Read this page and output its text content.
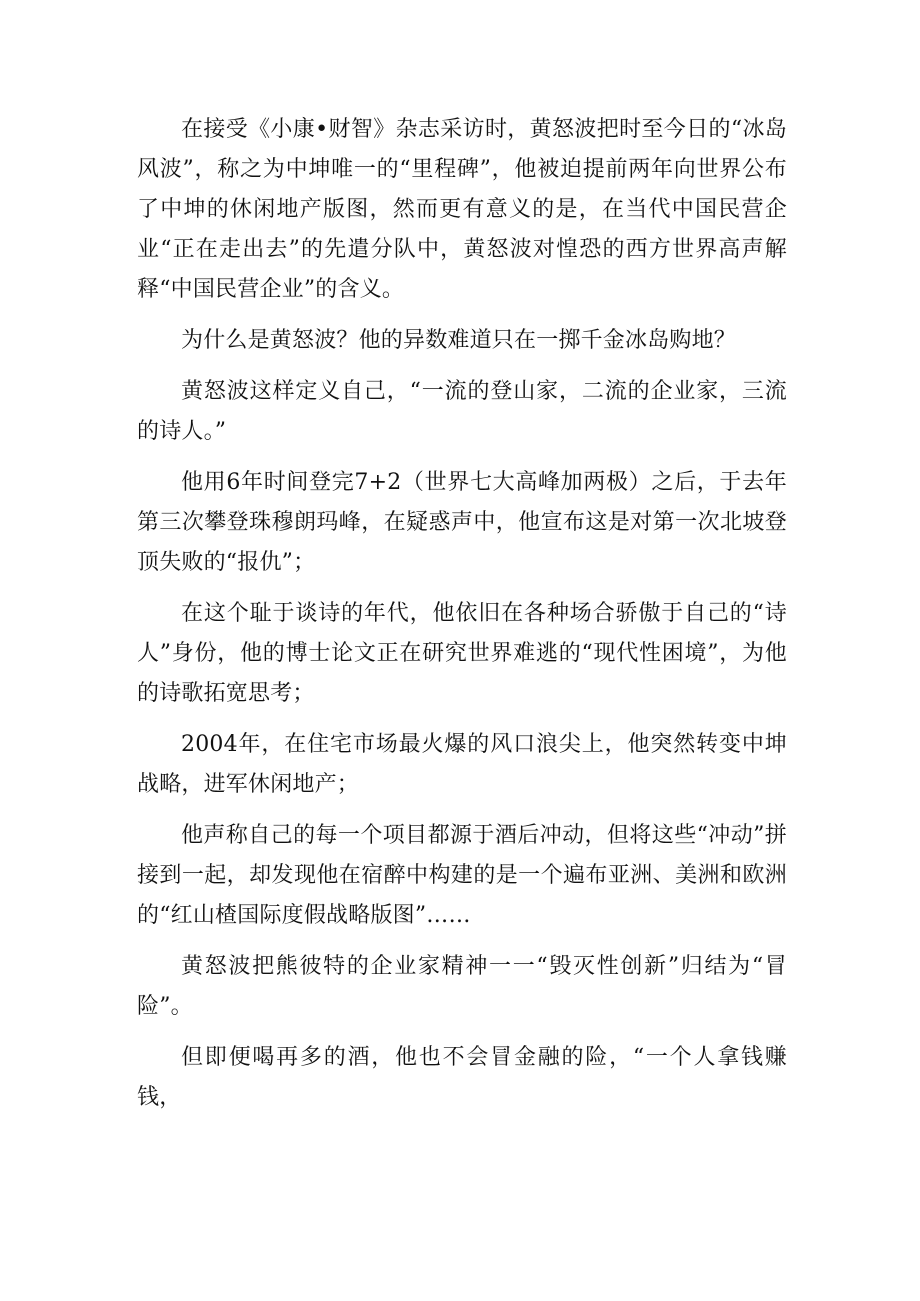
在接受《小康•财智》杂志采访时，黄怒波把时至今日的“冰岛风波”，称之为中坤唯一的“里程碑”，他被迫提前两年向世界公布了中坤的休闲地产版图，然而更有意义的是，在当代中国民营企业“正在走出去”的先遣分队中，黄怒波对惶恐的西方世界高声解释“中国民营企业”的含义。

为什么是黄怒波？他的异数难道只在一掷千金冰岛购地？

黄怒波这样定义自己，“一流的登山家，二流的企业家，三流的诗人。”

他用6年时间登完7+2（世界七大高峰加两极）之后，于去年第三次攀登珠穆朗玛峰，在疑惑声中，他宣布这是对第一次北坡登顶失败的“报仇”；

在这个耻于谈诗的年代，他依旧在各种场合骄傲于自己的“诗人”身份，他的博士论文正在研究世界难逃的“现代性困境”，为他的诗歌拓宽思考；

2004年，在住宅市场最火爆的风口浪尖上，他突然转变中坤战略，进军休闲地产；

他声称自己的每一个项目都源于酒后冲动，但将这些“冲动”拼接到一起，却发现他在宿醉中构建的是一个遍布亚洲、美洲和欧洲的“红山楂国际度假战略版图”……

黄怒波把熊彼特的企业家精神一一“毁灭性创新”归结为“冒险”。

但即便喝再多的酒，他也不会冒金融的险，“一个人拿钱赚钱，
